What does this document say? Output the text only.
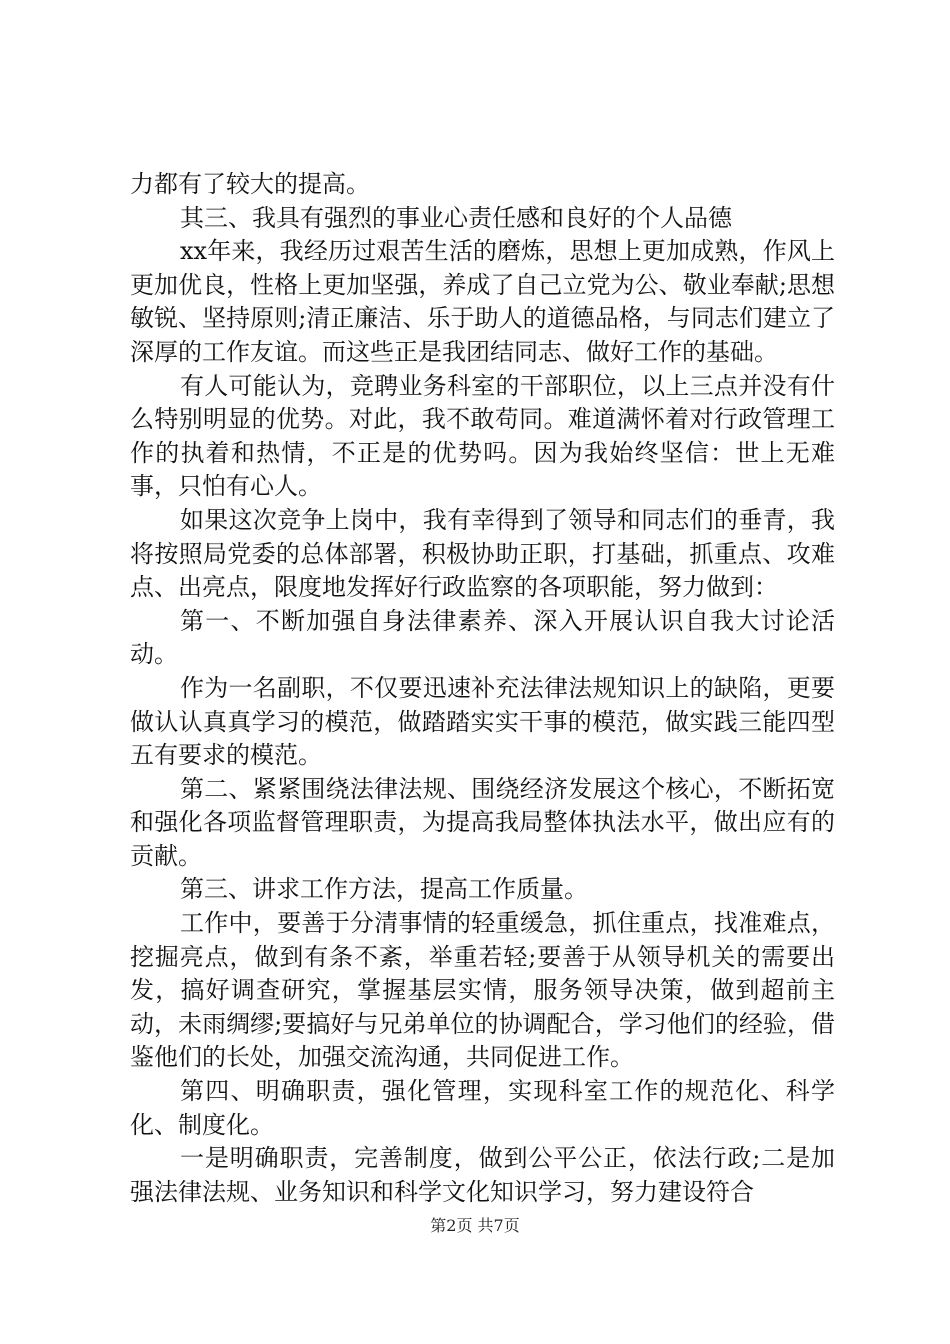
力都有了较大的提高。

其三、我具有强烈的事业心责任感和良好的个人品德

xx年来，我经历过艰苦生活的磨炼，思想上更加成熟，作风上更加优良，性格上更加坚强，养成了自己立党为公、敬业奉献;思想敏锐、坚持原则;清正廉洁、乐于助人的道德品格，与同志们建立了深厚的工作友谊。而这些正是我团结同志、做好工作的基础。

有人可能认为，竞聘业务科室的干部职位，以上三点并没有什么特别明显的优势。对此，我不敢苟同。难道满怀着对行政管理工作的执着和热情，不正是的优势吗。因为我始终坚信：世上无难事，只怕有心人。

如果这次竞争上岗中，我有幸得到了领导和同志们的垂青，我将按照局党委的总体部署，积极协助正职，打基础，抓重点、攻难点、出亮点，限度地发挥好行政监察的各项职能，努力做到：

第一、不断加强自身法律素养、深入开展认识自我大讨论活动。

作为一名副职，不仅要迅速补充法律法规知识上的缺陷，更要做认认真真学习的模范，做踏踏实实干事的模范，做实践三能四型五有要求的模范。

第二、紧紧围绕法律法规、围绕经济发展这个核心，不断拓宽和强化各项监督管理职责，为提高我局整体执法水平，做出应有的贡献。

第三、讲求工作方法，提高工作质量。

工作中，要善于分清事情的轻重缓急，抓住重点，找准难点，挖掘亮点，做到有条不紊，举重若轻;要善于从领导机关的需要出发，搞好调查研究，掌握基层实情，服务领导决策，做到超前主动，未雨绸缪;要搞好与兄弟单位的协调配合，学习他们的经验，借鉴他们的长处，加强交流沟通，共同促进工作。

第四、明确职责，强化管理，实现科室工作的规范化、科学化、制度化。

一是明确职责，完善制度，做到公平公正，依法行政;二是加强法律法规、业务知识和科学文化知识学习，努力建设符合

第2页 共7页
